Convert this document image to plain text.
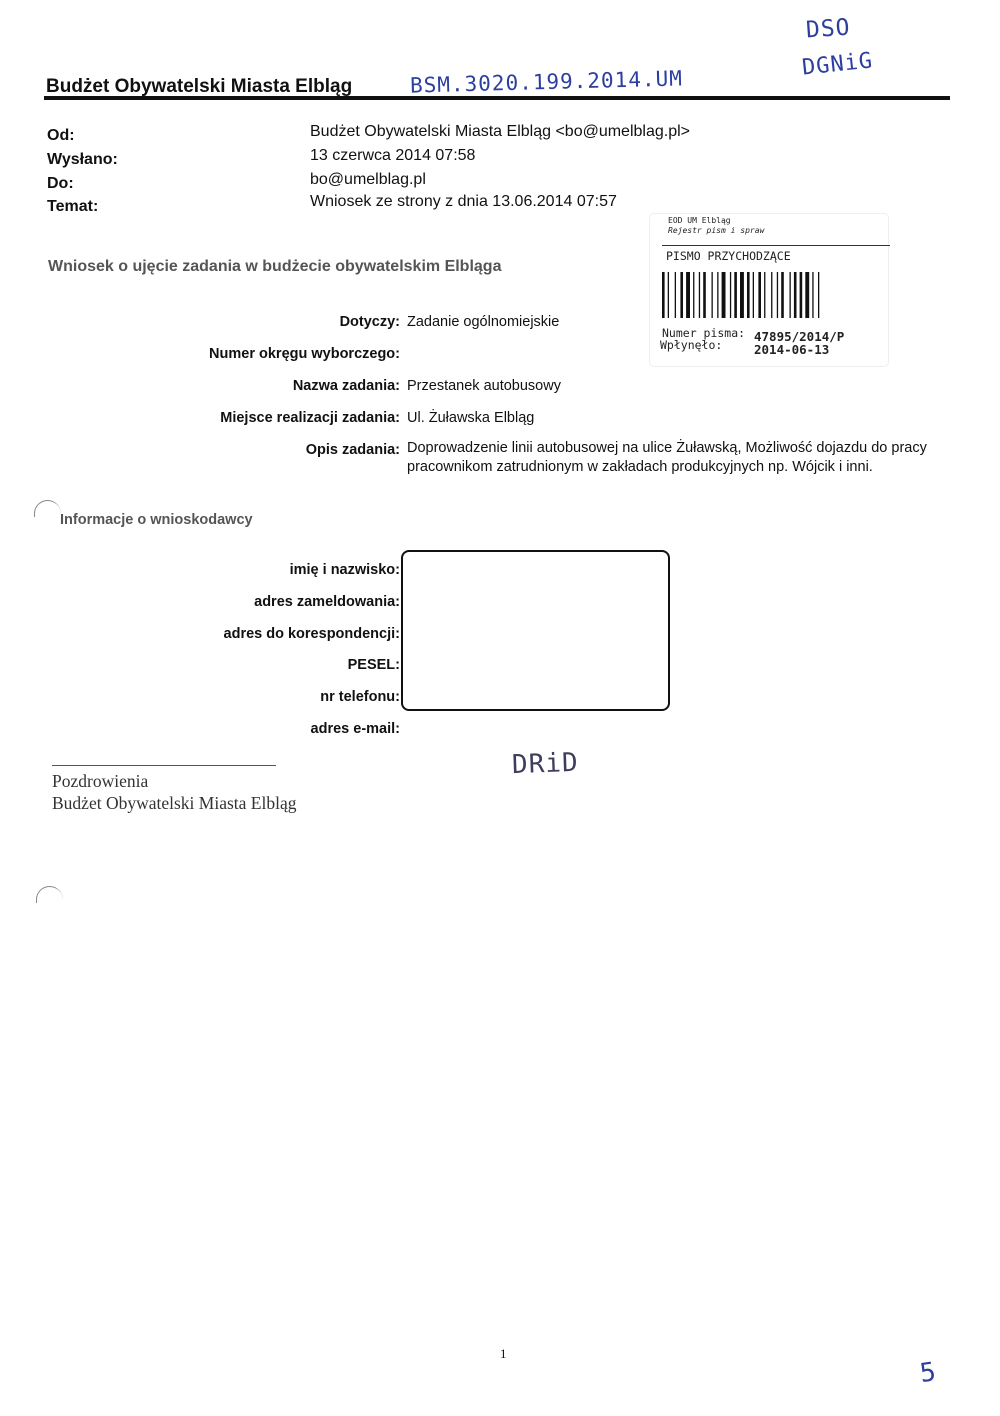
Budżet Obywatelski Miasta Elbląg	BSM.3020.199.2014.UM
DSO
DGNiG
Od:	Budżet Obywatelski Miasta Elbląg <bo@umelblag.pl>
Wysłano:	13 czerwca 2014 07:58
Do:	bo@umelblag.pl
Temat:	Wniosek ze strony z dnia 13.06.2014 07:57
EOD UM Elbląg
Rejestr pism i spraw
PISMO PRZYCHODZĄCE
Numer pisma: 47895/2014/P
Wpłynęło:	2014-06-13
Wniosek o ujęcie zadania w budżecie obywatelskim Elbląga
Dotyczy: Zadanie ogólnomiejskie
Numer okręgu wyborczego:
Nazwa zadania: Przestanek autobusowy
Miejsce realizacji zadania: Ul. Żuławska Elbląg
Opis zadania: Doprowadzenie linii autobusowej na ulice Żuławską, Możliwość dojazdu do pracy pracownikom zatrudnionym w zakładach produkcyjnych np. Wójcik i inni.
Informacje o wnioskodawcy
imię i nazwisko:
adres zameldowania:
adres do korespondencji:
PESEL:
nr telefonu:
adres e-mail:
Pozdrowienia
Budżet Obywatelski Miasta Elbląg
DRiD
1
5
